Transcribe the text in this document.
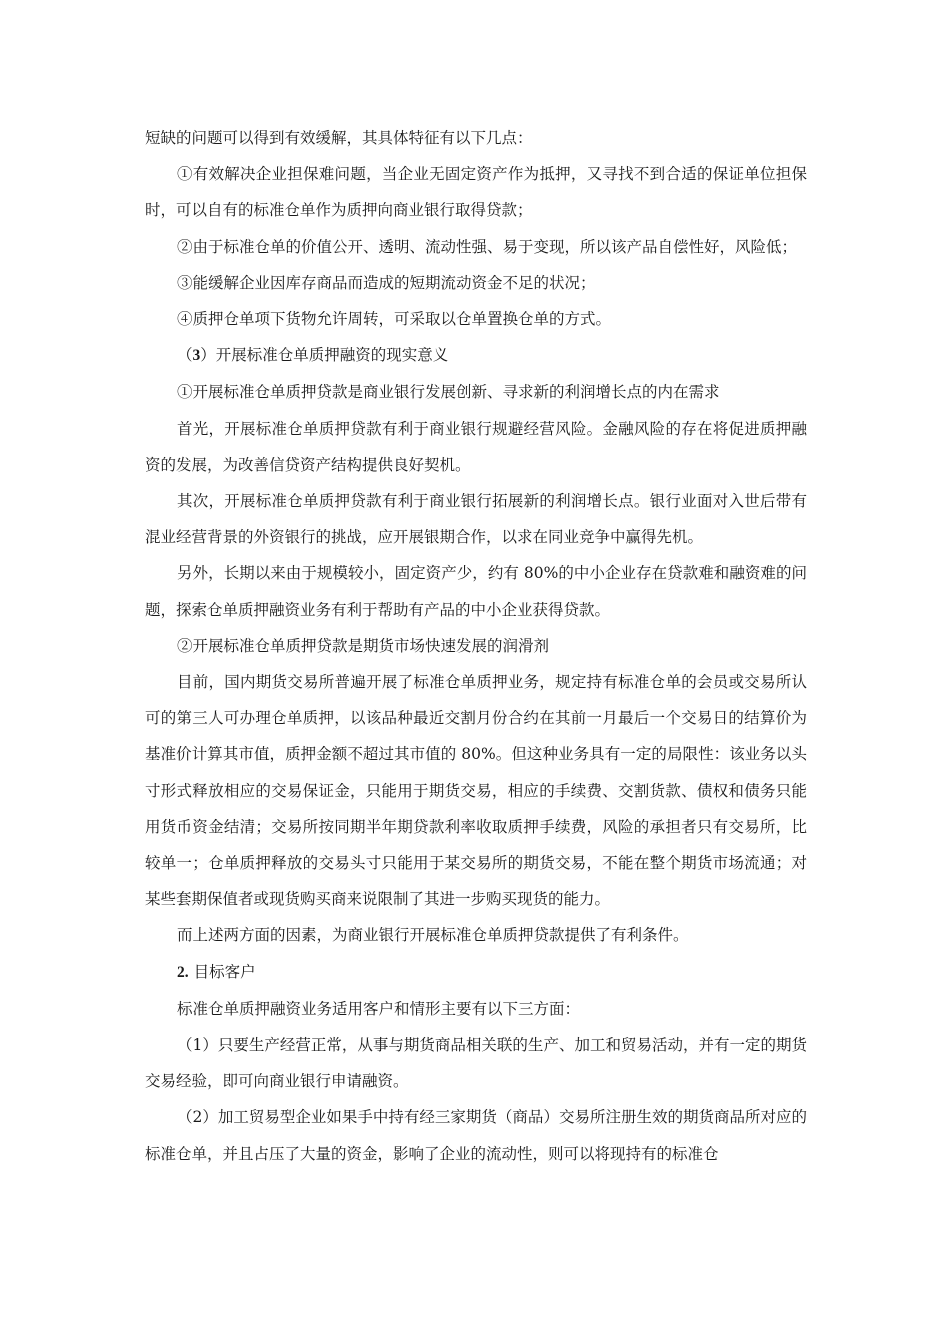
短缺的问题可以得到有效缓解，其具体特征有以下几点：

①有效解决企业担保难问题，当企业无固定资产作为抵押，又寻找不到合适的保证单位担保时，可以自有的标准仓单作为质押向商业银行取得贷款；

②由于标准仓单的价值公开、透明、流动性强、易于变现，所以该产品自偿性好，风险低；

③能缓解企业因库存商品而造成的短期流动资金不足的状况；

④质押仓单项下货物允许周转，可采取以仓单置换仓单的方式。

（3）开展标准仓单质押融资的现实意义

①开展标准仓单质押贷款是商业银行发展创新、寻求新的利润增长点的内在需求

首光，开展标准仓单质押贷款有利于商业银行规避经营风险。金融风险的存在将促进质押融资的发展，为改善信贷资产结构提供良好契机。

其次，开展标准仓单质押贷款有利于商业银行拓展新的利润增长点。银行业面对入世后带有混业经营背景的外资银行的挑战，应开展银期合作，以求在同业竞争中赢得先机。

另外，长期以来由于规模较小，固定资产少，约有 80%的中小企业存在贷款难和融资难的问题，探索仓单质押融资业务有利于帮助有产品的中小企业获得贷款。

②开展标准仓单质押贷款是期货市场快速发展的润滑剂

目前，国内期货交易所普遍开展了标准仓单质押业务，规定持有标准仓单的会员或交易所认可的第三人可办理仓单质押，以该品种最近交割月份合约在其前一月最后一个交易日的结算价为基准价计算其市值，质押金额不超过其市值的 80%。但这种业务具有一定的局限性：该业务以头寸形式释放相应的交易保证金，只能用于期货交易，相应的手续费、交割货款、债权和债务只能用货币资金结清；交易所按同期半年期贷款利率收取质押手续费，风险的承担者只有交易所，比较单一；仓单质押释放的交易头寸只能用于某交易所的期货交易，不能在整个期货市场流通；对某些套期保值者或现货购买商来说限制了其进一步购买现货的能力。

而上述两方面的因素，为商业银行开展标准仓单质押贷款提供了有利条件。

2. 目标客户

标准仓单质押融资业务适用客户和情形主要有以下三方面：

（1）只要生产经营正常，从事与期货商品相关联的生产、加工和贸易活动，并有一定的期货交易经验，即可向商业银行申请融资。

（2）加工贸易型企业如果手中持有经三家期货（商品）交易所注册生效的期货商品所对应的标准仓单，并且占压了大量的资金，影响了企业的流动性，则可以将现持有的标准仓
